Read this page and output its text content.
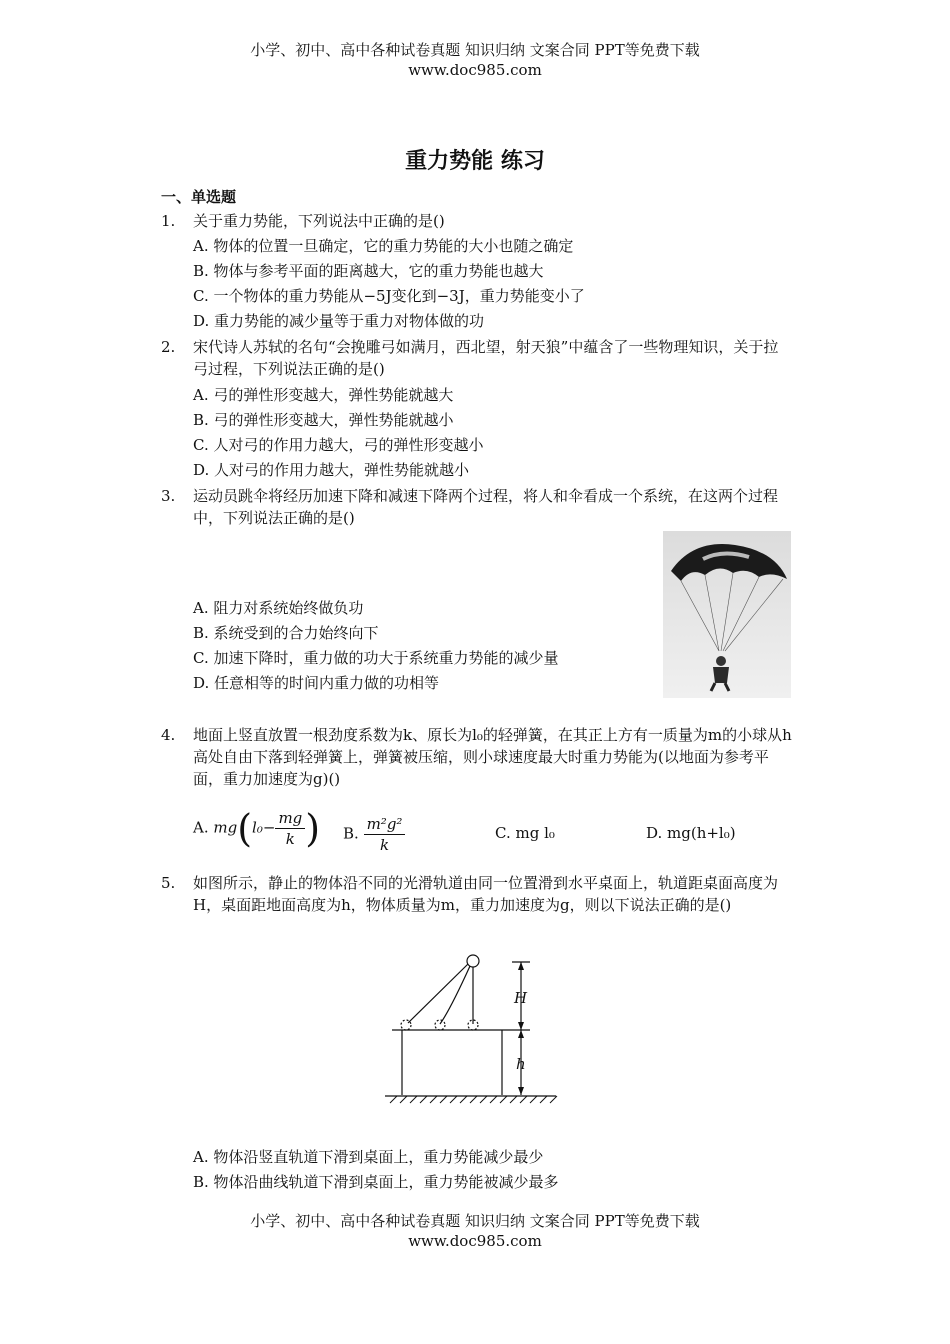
小学、初中、高中各种试卷真题 知识归纳 文案合同 PPT等免费下载
www.doc985.com
重力势能 练习
一、单选题
1. 关于重力势能，下列说法中正确的是()
A. 物体的位置一旦确定，它的重力势能的大小也随之确定
B. 物体与参考平面的距离越大，它的重力势能也越大
C. 一个物体的重力势能从−5J变化到−3J，重力势能变小了
D. 重力势能的减少量等于重力对物体做的功
2. 宋代诗人苏轼的名句“会挽雕弓如满月，西北望，射天狼”中蕴含了一些物理知识，关于拉弓过程，下列说法正确的是()
A. 弓的弹性形变越大，弹性势能就越大
B. 弓的弹性形变越大，弹性势能就越小
C. 人对弓的作用力越大，弓的弹性形变越小
D. 人对弓的作用力越大，弹性势能就越小
3. 运动员跳伞将经历加速下降和减速下降两个过程，将人和伞看成一个系统，在这两个过程中，下列说法正确的是()
A. 阻力对系统始终做负功
B. 系统受到的合力始终向下
C. 加速下降时，重力做的功大于系统重力势能的减少量
D. 任意相等的时间内重力做的功相等
4. 地面上竖直放置一根劲度系数为k、原长为l₀的轻弹簧，在其正上方有一质量为m的小球从h高处自由下落到轻弹簧上，弹簧被压缩，则小球速度最大时重力势能为(以地面为参考平面，重力加速度为g)()
A. $mg(l_0- \frac{mg}{k}$ ) B. $\frac{\text{m²g²}}{k}$	C. mg l₀	D. mg(h+l₀)
5. 如图所示，静止的物体沿不同的光滑轨道由同一位置滑到水平桌面上，轨道距桌面高度为H，桌面距地面高度为h，物体质量为m，重力加速度为g，则以下说法正确的是()
H
h
A. 物体沿竖直轨道下滑到桌面上，重力势能减少最少
B. 物体沿曲线轨道下滑到桌面上，重力势能被减少最多
小学、初中、高中各种试卷真题 知识归纳 文案合同 PPT等免费下载
www.doc985.com
